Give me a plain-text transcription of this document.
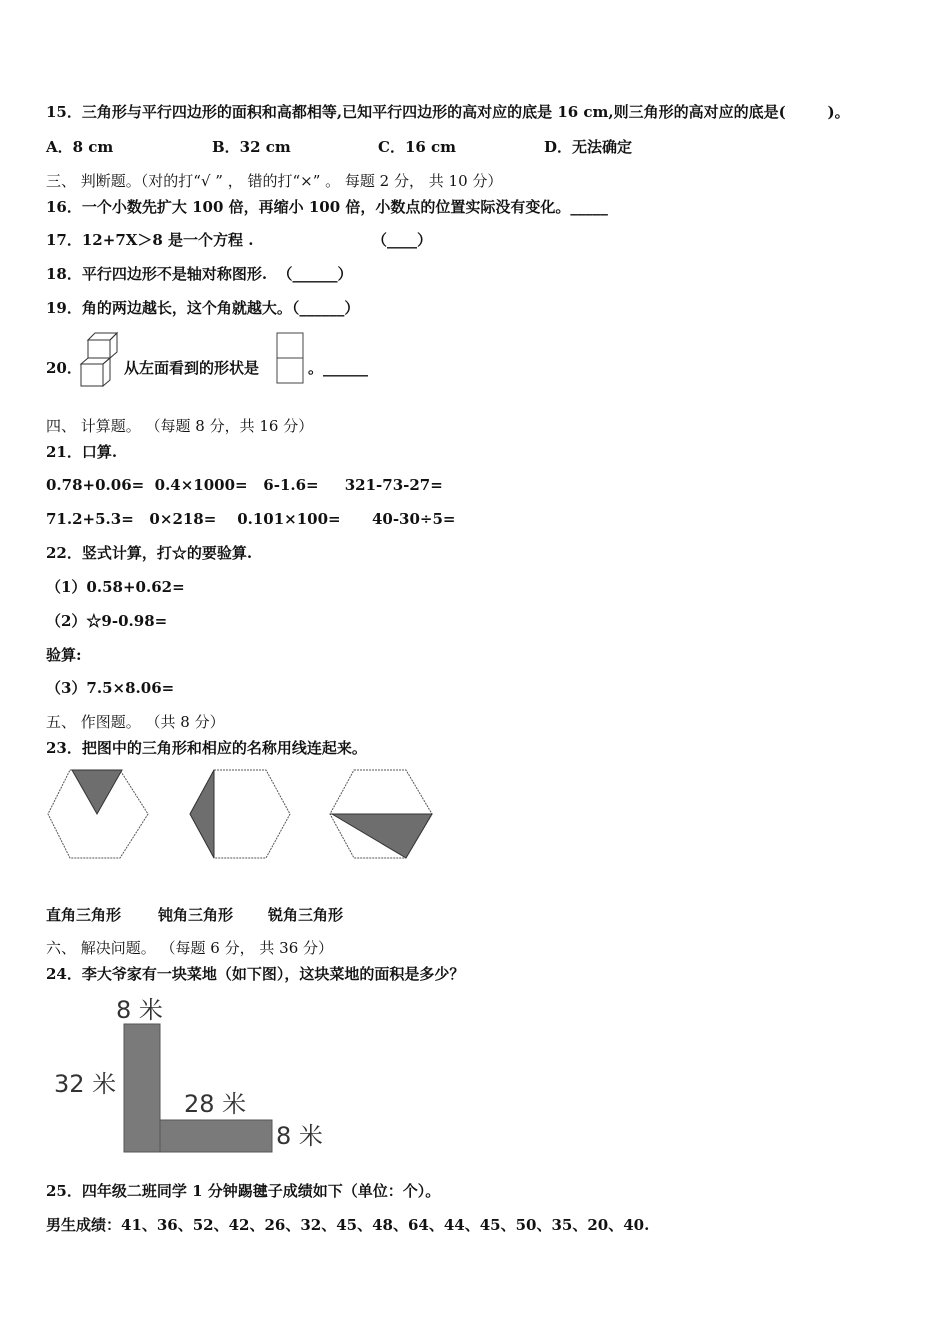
15．三角形与平行四边形的面积和高都相等,已知平行四边形的高对应的底是 16 cm,则三角形的高对应的底是(        )。
A．8 cm	B．32 cm	C．16 cm	D．无法确定
三、 判断题。（对的打“√ ” ， 错的打“×” 。 每题 2 分， 共 10 分）
16．一个小数先扩大 100 倍，再缩小 100 倍，小数点的位置实际没有变化。_____
17．12+7X＞8 是一个方程 .	（____）
18．平行四边形不是轴对称图形.  （______）
19．角的两边越长，这个角就越大。（______）
20．	从左面看到的形状是	。______
四、 计算题。 （每题 8 分，共 16 分）
21．口算.
0.78+0.06=  0.4×1000=   6-1.6=     321-73-27=
71.2+5.3=   0×218=    0.101×100=      40-30÷5=
22．竖式计算，打☆的要验算.
（1）0.58+0.62=
（2）☆9-0.98=
验算:
（3）7.5×8.06=
五、 作图题。 （共 8 分）
23．把图中的三角形和相应的名称用线连起来。
直角三角形 钝角三角形 锐角三角形
六、 解决问题。 （每题 6 分， 共 36 分）
24．李大爷家有一块菜地（如下图），这块菜地的面积是多少？
8 米
32 米
28 米
8 米
25．四年级二班同学 1 分钟踢毽子成绩如下（单位：个）。
男生成绩：41、36、52、42、26、32、45、48、64、44、45、50、35、20、40.
